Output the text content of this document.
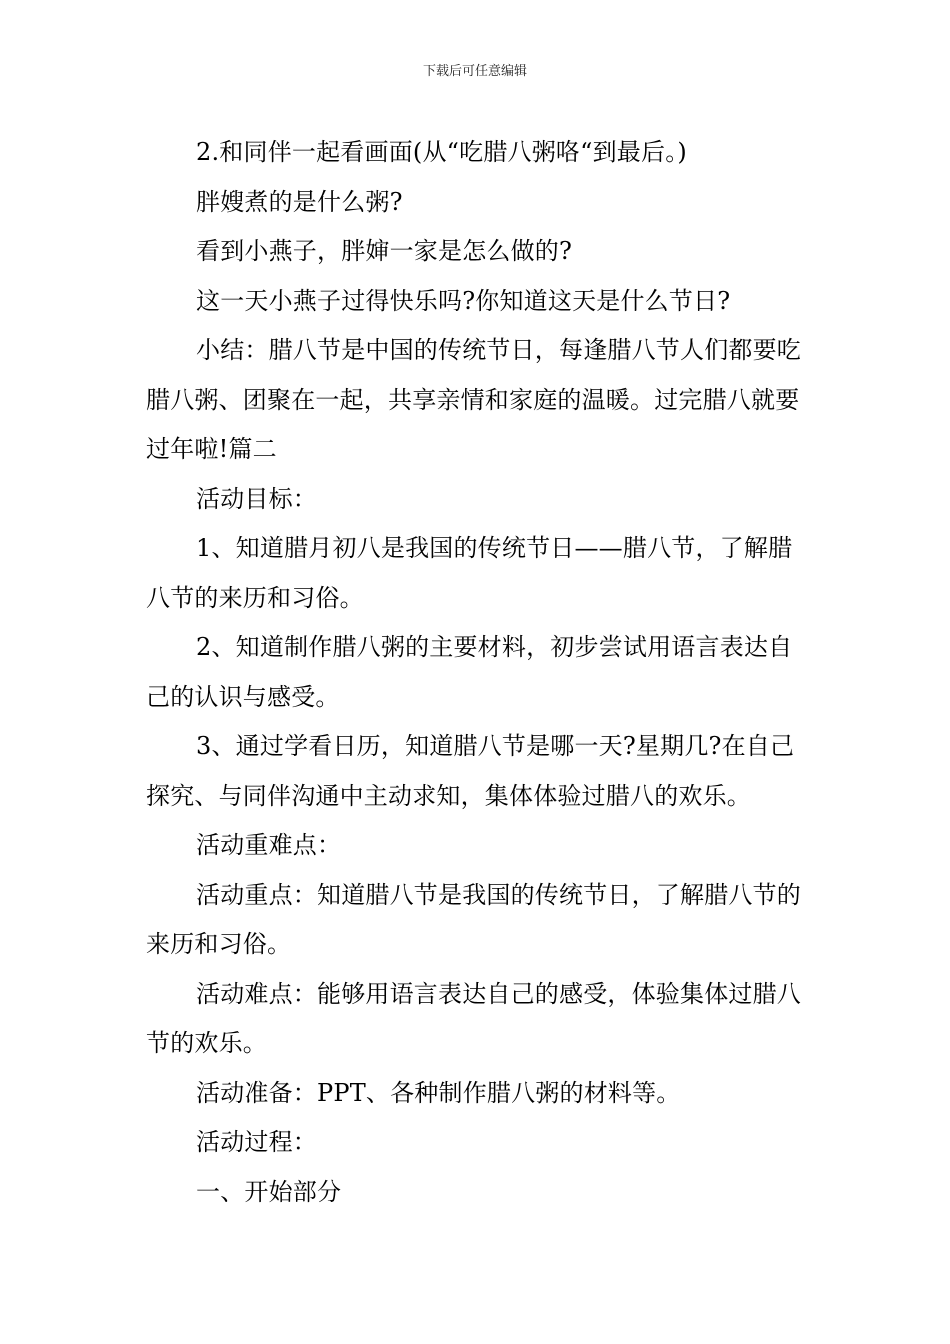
下载后可任意编辑

2.和同伴一起看画面(从“吃腊八粥咯“到最后。)

胖嫂煮的是什么粥?

看到小燕子，胖婶一家是怎么做的?

这一天小燕子过得快乐吗?你知道这天是什么节日?

小结：腊八节是中国的传统节日，每逢腊八节人们都要吃腊八粥、团聚在一起，共享亲情和家庭的温暖。过完腊八就要过年啦!篇二

活动目标：

1、知道腊月初八是我国的传统节日——腊八节，了解腊八节的来历和习俗。

2、知道制作腊八粥的主要材料，初步尝试用语言表达自己的认识与感受。

3、通过学看日历，知道腊八节是哪一天?星期几?在自己探究、与同伴沟通中主动求知，集体体验过腊八的欢乐。

活动重难点：

活动重点：知道腊八节是我国的传统节日，了解腊八节的来历和习俗。

活动难点：能够用语言表达自己的感受，体验集体过腊八节的欢乐。

活动准备：PPT、各种制作腊八粥的材料等。

活动过程：

一、开始部分
